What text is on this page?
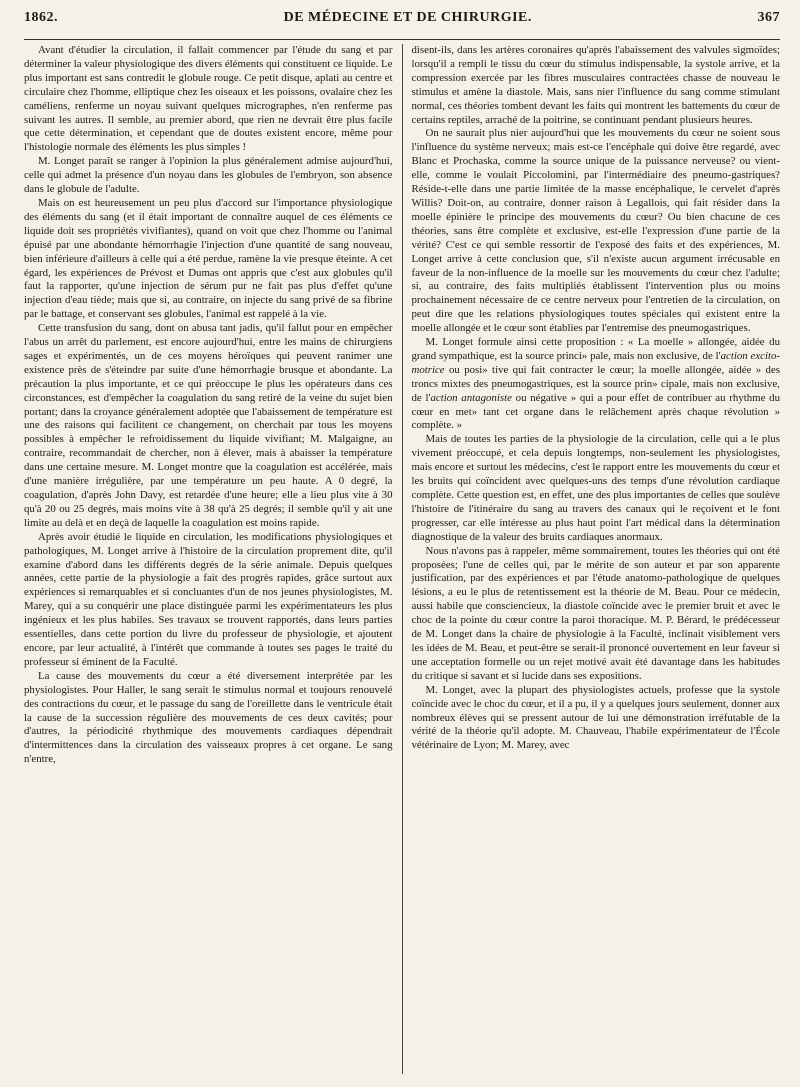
1862.	DE MÉDECINE ET DE CHIRURGIE.	367

Avant d'étudier la circulation, il fallait commencer par l'étude du sang et par déterminer la valeur physiologique des divers éléments qui constituent ce liquide. Le plus important est sans contredit le globule rouge. Ce petit disque, aplati au centre et circulaire chez l'homme, elliptique chez les oiseaux et les poissons, ovalaire chez les caméliens, renferme un noyau suivant quelques micrographes, n'en renferme pas suivant les autres. Il semble, au premier abord, que rien ne devrait être plus facile que cette détermination, et cependant que de doutes existent encore, même pour l'histologie normale des éléments les plus simples !

M. Longet paraît se ranger à l'opinion la plus généralement admise aujourd'hui, celle qui admet la présence d'un noyau dans les globules de l'embryon, son absence dans le globule de l'adulte.

Mais on est heureusement un peu plus d'accord sur l'importance physiologique des éléments du sang (et il était important de connaître auquel de ces éléments ce liquide doit ses propriétés vivifiantes), quand on voit que chez l'homme ou l'animal épuisé par une abondante hémorrhagie l'injection d'une quantité de sang nouveau, bien inférieure d'ailleurs à celle qui a été perdue, ramène la vie presque éteinte. A cet égard, les expériences de Prévost et Dumas ont appris que c'est aux globules qu'il faut la rapporter, qu'une injection de sérum pur ne fait pas plus d'effet qu'une injection d'eau tiède; mais que si, au contraire, on injecte du sang privé de sa fibrine par le battage, et conservant ses globules, l'animal est rappelé à la vie.

Cette transfusion du sang, dont on abusa tant jadis, qu'il fallut pour en empêcher l'abus un arrêt du parlement, est encore aujourd'hui, entre les mains de chirurgiens sages et expérimentés, un de ces moyens héroïques qui peuvent ranimer une existence près de s'éteindre par suite d'une hémorrhagie brusque et abondante. La précaution la plus importante, et ce qui préoccupe le plus les opérateurs dans ces circonstances, est d'empêcher la coagulation du sang retiré de la veine du sujet bien portant; dans la croyance généralement adoptée que l'abaissement de température est une des raisons qui facilitent ce changement, on cherchait par tous les moyens possibles à empêcher le refroidissement du liquide vivifiant; M. Malgaigne, au contraire, recommandait de chercher, non à élever, mais à abaisser la température dans une certaine mesure. M. Longet montre que la coagulation est accélérée, mais d'une manière irrégulière, par une température un peu haute. A 0 degré, la coagulation, d'après John Davy, est retardée d'une heure; elle a lieu plus vite à 30 qu'à 20 ou 25 degrés, mais moins vite à 38 qu'à 25 degrés; il semble qu'il y ait une limite au delà et en deçà de laquelle la coagulation est moins rapide.

Après avoir étudié le liquide en circulation, les modifications physiologiques et pathologiques, M. Longet arrive à l'histoire de la circulation proprement dite, qu'il examine d'abord dans les différents degrés de la série animale. Depuis quelques années, cette partie de la physiologie a fait des progrès rapides, grâce surtout aux expériences si remarquables et si concluantes d'un de nos jeunes physiologistes, M. Marey, qui a su conquérir une place distinguée parmi les expérimentateurs les plus ingénieux et les plus habiles. Ses travaux se trouvent rapportés, dans leurs parties essentielles, dans cette portion du livre du professeur de physiologie, et ajoutent encore, par leur actualité, à l'intérêt que commande à toutes ses pages le traité du professeur si éminent de la Faculté.

La cause des mouvements du cœur a été diversement interprétée par les physiologistes. Pour Haller, le sang serait le stimulus normal et toujours renouvelé des contractions du cœur, et le passage du sang de l'oreillette dans le ventricule était la cause de la succession régulière des mouvements de ces deux cavités; pour d'autres, la périodicité rhythmique des mouvements cardiaques dépendrait d'intermittences dans la circulation des vaisseaux propres à cet organe. Le sang n'entre,

disent-ils, dans les artères coronaires qu'après l'abaissement des valvules sigmoïdes; lorsqu'il a rempli le tissu du cœur du stimulus indispensable, la systole arrive, et la compression exercée par les fibres musculaires contractées chasse de nouveau le stimulus et amène la diastole. Mais, sans nier l'influence du sang comme stimulant normal, ces théories tombent devant les faits qui montrent les battements du cœur de certains reptiles, arraché de la poitrine, se continuant pendant plusieurs heures.

On ne saurait plus nier aujourd'hui que les mouvements du cœur ne soient sous l'influence du système nerveux; mais est-ce l'encéphale qui doive être regardé, avec Blanc et Prochaska, comme la source unique de la puissance nerveuse? ou vient-elle, comme le voulait Piccolomini, par l'intermédiaire des pneumo-gastriques? Réside-t-elle dans une partie limitée de la masse encéphalique, le cervelet d'après Willis? Doit-on, au contraire, donner raison à Legallois, qui fait résider dans la moelle épinière le principe des mouvements du cœur? Ou bien chacune de ces théories, sans être complète et exclusive, est-elle l'expression d'une partie de la vérité? C'est ce qui semble ressortir de l'exposé des faits et des expériences, M. Longet arrive à cette conclusion que, s'il n'existe aucun argument irrécusable en faveur de la non-influence de la moelle sur les mouvements du cœur chez l'adulte; si, au contraire, des faits multipliés établissent l'intervention plus ou moins prochainement nécessaire de ce centre nerveux pour l'entretien de la circulation, on peut dire que les relations physiologiques toutes spéciales qui existent entre la moelle allongée et le cœur sont établies par l'entremise des pneumogastriques.

M. Longet formule ainsi cette proposition : « La moelle » allongée, aidée du grand sympathique, est la source princi» pale, mais non exclusive, de l'action excito-motrice ou posi» tive qui fait contracter le cœur; la moelle allongée, aidée » des troncs mixtes des pneumogastriques, est la source prin» cipale, mais non exclusive, de l'action antagoniste ou négative » qui a pour effet de contribuer au rhythme du cœur en met» tant cet organe dans le relâchement après chaque révolution » complète. »

Mais de toutes les parties de la physiologie de la circulation, celle qui a le plus vivement préoccupé, et cela depuis longtemps, non-seulement les physiologistes, mais encore et surtout les médecins, c'est le rapport entre les mouvements du cœur et les bruits qui coïncident avec quelques-uns des temps d'une révolution cardiaque complète. Cette question est, en effet, une des plus importantes de celles que soulève l'histoire de l'itinéraire du sang au travers des canaux qui le reçoivent et le font progresser, car elle intéresse au plus haut point l'art médical dans la détermination diagnostique de la valeur des bruits cardiaques anormaux.

Nous n'avons pas à rappeler, même sommairement, toutes les théories qui ont été proposées; l'une de celles qui, par le mérite de son auteur et par son apparente justification, par des expériences et par l'étude anatomo-pathologique de quelques lésions, a eu le plus de retentissement est la théorie de M. Beau. Pour ce médecin, aussi habile que consciencieux, la diastole coïncide avec le premier bruit et avec le choc de la pointe du cœur contre la paroi thoracique. M. P. Bérard, le prédécesseur de M. Longet dans la chaire de physiologie à la Faculté, inclinait visiblement vers les idées de M. Beau, et peut-être se serait-il prononcé ouvertement en leur faveur si une acceptation formelle ou un rejet motivé avait été davantage dans les habitudes du critique si savant et si lucide dans ses expositions.

M. Longet, avec la plupart des physiologistes actuels, professe que la systole coïncide avec le choc du cœur, et il a pu, il y a quelques jours seulement, donner aux nombreux élèves qui se pressent autour de lui une démonstration irréfutable de la vérité de la théorie qu'il adopte. M. Chauveau, l'habile expérimentateur de l'École vétérinaire de Lyon; M. Marey, avec
